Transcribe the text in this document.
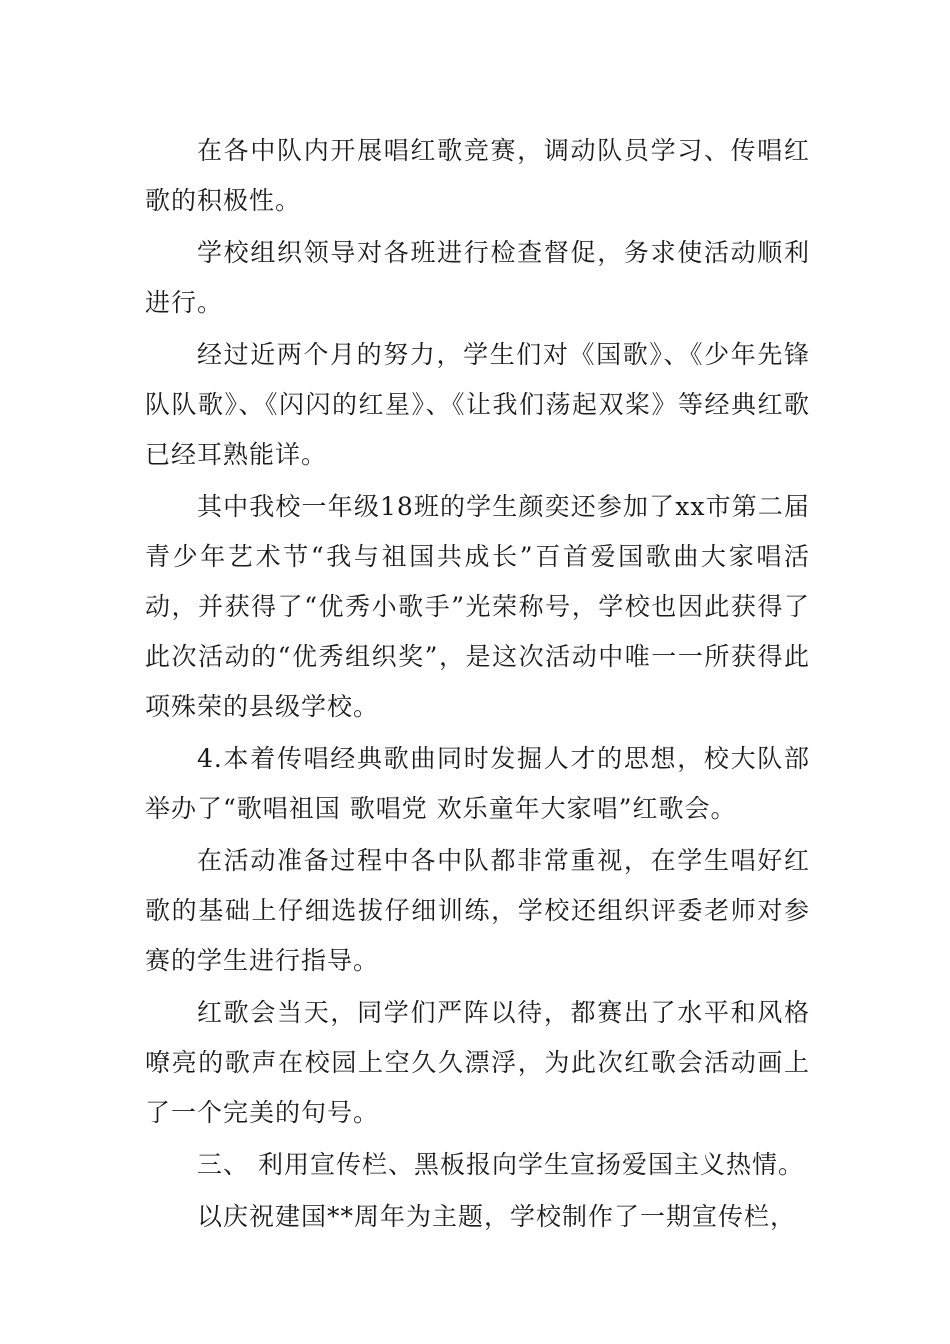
在各中队内开展唱红歌竞赛，调动队员学习、传唱红歌的积极性。

学校组织领导对各班进行检查督促，务求使活动顺利进行。

经过近两个月的努力，学生们对《国歌》、《少年先锋队队歌》、《闪闪的红星》、《让我们荡起双桨》等经典红歌已经耳熟能详。

其中我校一年级18班的学生颜奕还参加了xx市第二届青少年艺术节“我与祖国共成长”百首爱国歌曲大家唱活动，并获得了“优秀小歌手”光荣称号，学校也因此获得了此次活动的“优秀组织奖”，是这次活动中唯一一所获得此项殊荣的县级学校。

4.本着传唱经典歌曲同时发掘人才的思想，校大队部举办了“歌唱祖国 歌唱党 欢乐童年大家唱”红歌会。

在活动准备过程中各中队都非常重视，在学生唱好红歌的基础上仔细选拔仔细训练，学校还组织评委老师对参赛的学生进行指导。

红歌会当天，同学们严阵以待，都赛出了水平和风格嘹亮的歌声在校园上空久久漂浮，为此次红歌会活动画上了一个完美的句号。

三、 利用宣传栏、黑板报向学生宣扬爱国主义热情。

以庆祝建国**周年为主题，学校制作了一期宣传栏，
